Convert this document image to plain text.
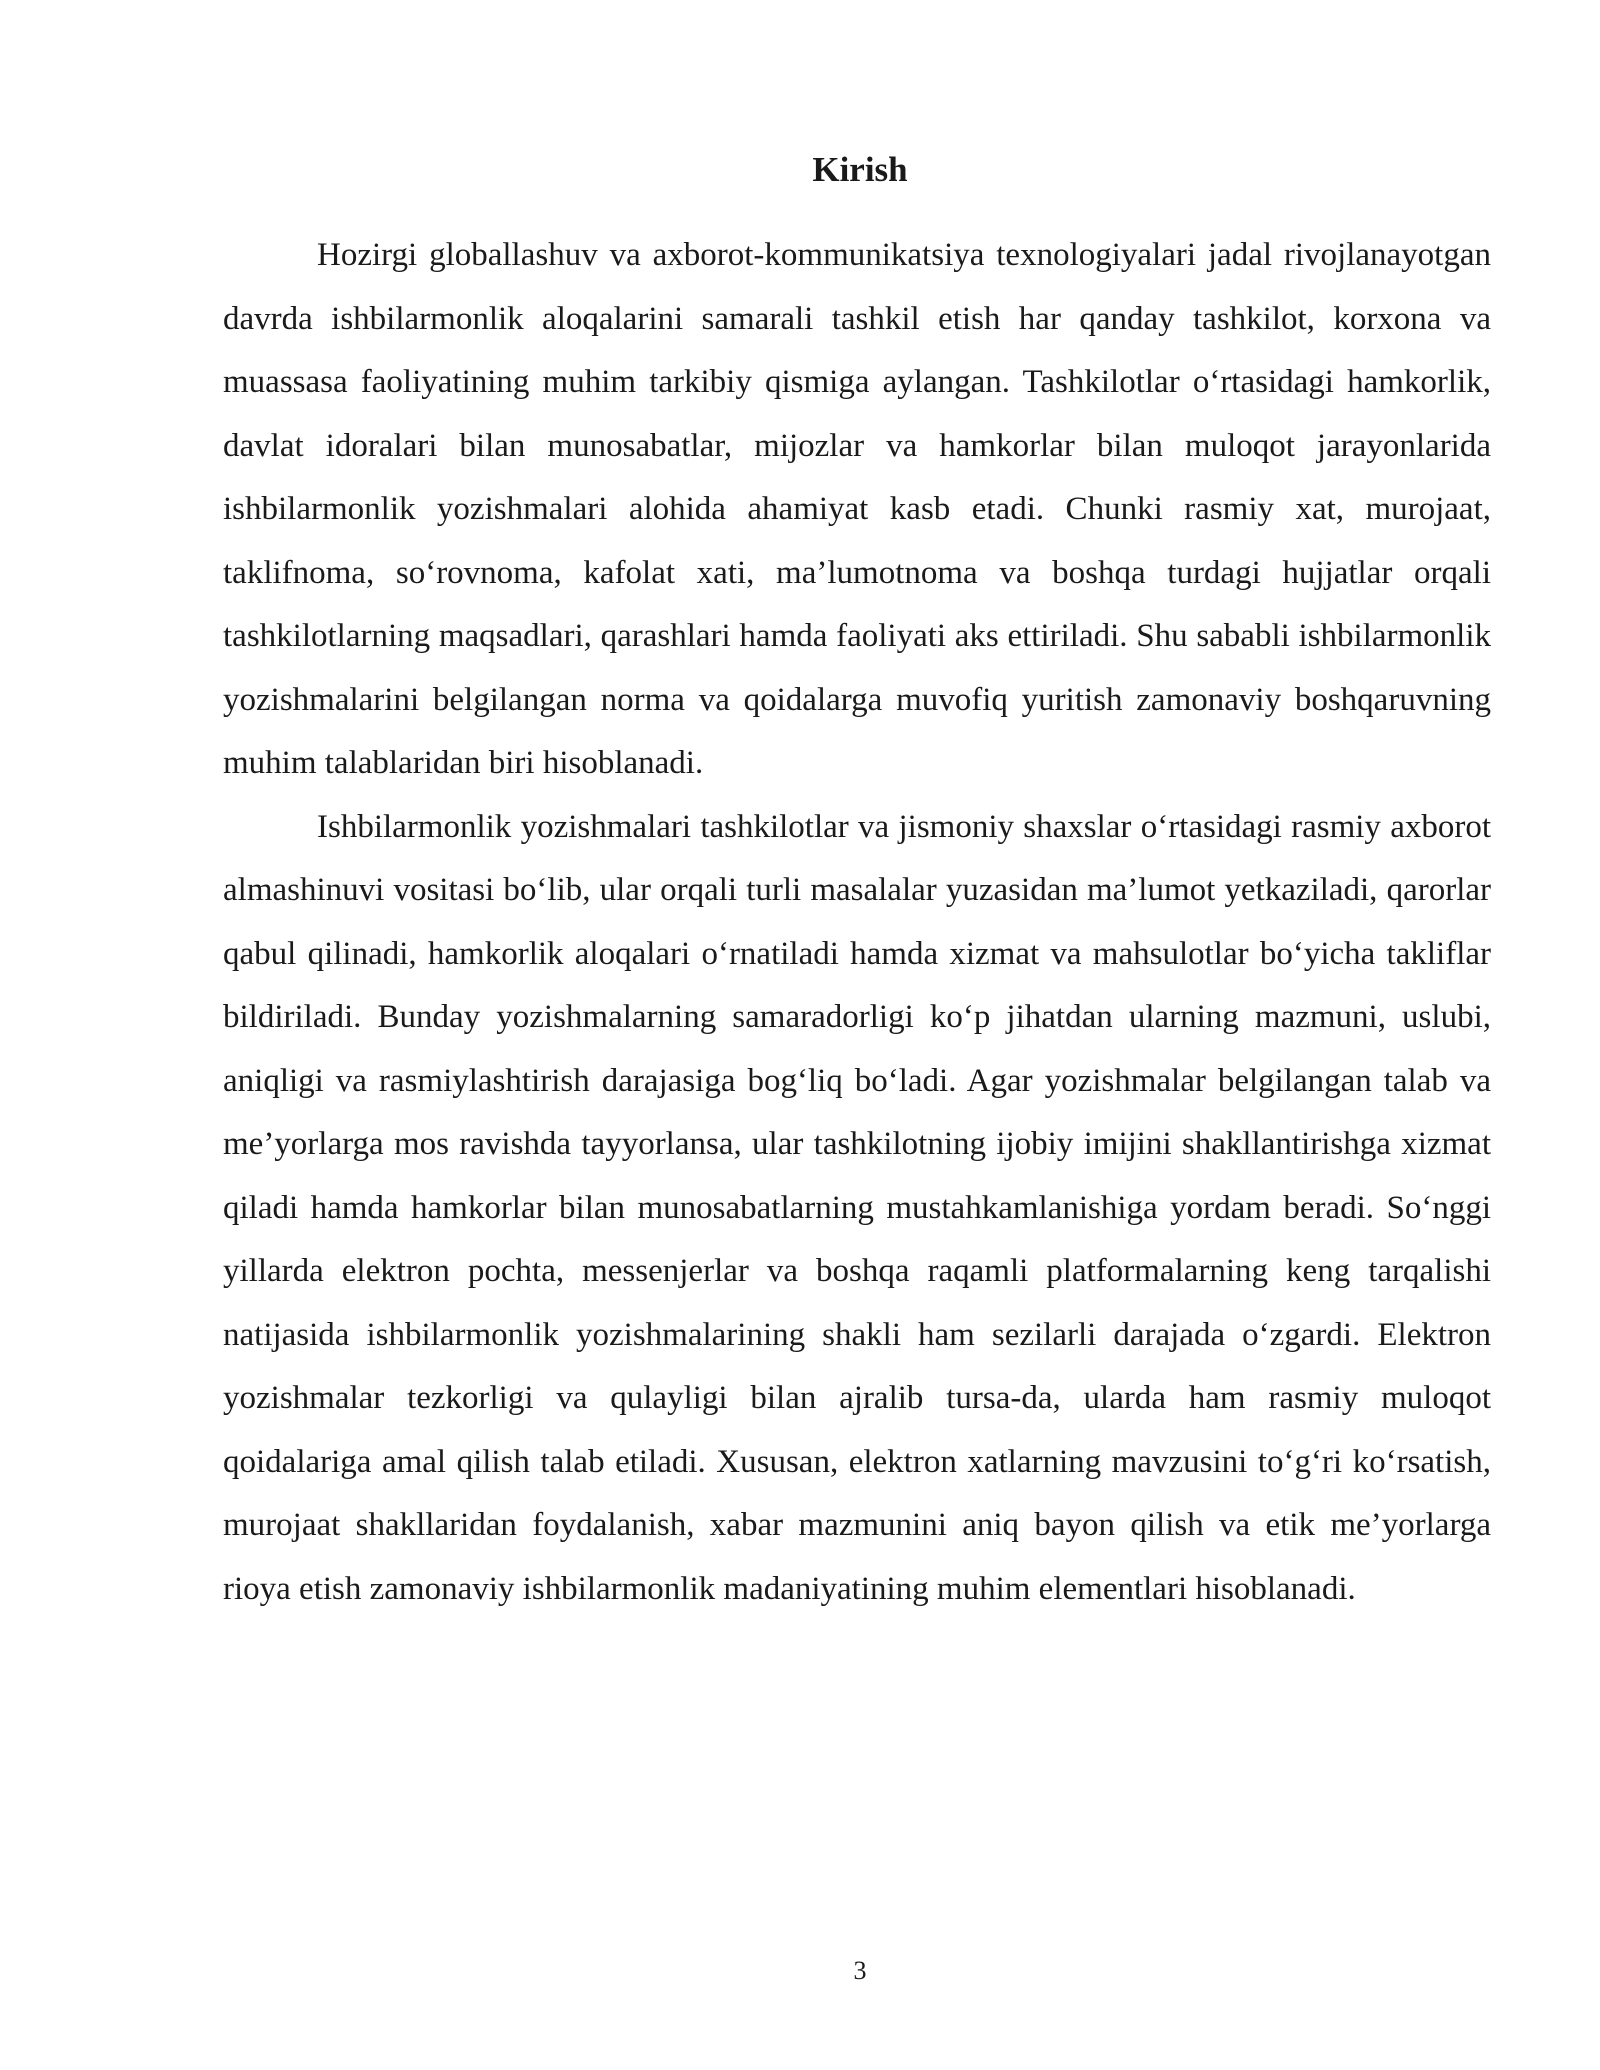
Kirish

Hozirgi globallashuv va axborot-kommunikatsiya texnologiyalari jadal rivojlanayotgan davrda ishbilarmonlik aloqalarini samarali tashkil etish har qanday tashkilot, korxona va muassasa faoliyatining muhim tarkibiy qismiga aylangan. Tashkilotlar o‘rtasidagi hamkorlik, davlat idoralari bilan munosabatlar, mijozlar va hamkorlar bilan muloqot jarayonlarida ishbilarmonlik yozishmalari alohida ahamiyat kasb etadi. Chunki rasmiy xat, murojaat, taklifnoma, so‘rovnoma, kafolat xati, ma’lumotnoma va boshqa turdagi hujjatlar orqali tashkilotlarning maqsadlari, qarashlari hamda faoliyati aks ettiriladi. Shu sababli ishbilarmonlik yozishmalarini belgilangan norma va qoidalarga muvofiq yuritish zamonaviy boshqaruvning muhim talablaridan biri hisoblanadi.

Ishbilarmonlik yozishmalari tashkilotlar va jismoniy shaxslar o‘rtasidagi rasmiy axborot almashinuvi vositasi bo‘lib, ular orqali turli masalalar yuzasidan ma’lumot yetkaziladi, qarorlar qabul qilinadi, hamkorlik aloqalari o‘rnatiladi hamda xizmat va mahsulotlar bo‘yicha takliflar bildiriladi. Bunday yozishmalarning samaradorligi ko‘p jihatdan ularning mazmuni, uslubi, aniqligi va rasmiylashtirish darajasiga bog‘liq bo‘ladi. Agar yozishmalar belgilangan talab va me’yorlarga mos ravishda tayyorlansa, ular tashkilotning ijobiy imijini shakllantirishga xizmat qiladi hamda hamkorlar bilan munosabatlarning mustahkamlanishiga yordam beradi. So‘nggi yillarda elektron pochta, messenjerlar va boshqa raqamli platformalarning keng tarqalishi natijasida ishbilarmonlik yozishmalarining shakli ham sezilarli darajada o‘zgardi. Elektron yozishmalar tezkorligi va qulayligi bilan ajralib tursa-da, ularda ham rasmiy muloqot qoidalariga amal qilish talab etiladi. Xususan, elektron xatlarning mavzusini to‘g‘ri ko‘rsatish, murojaat shakllaridan foydalanish, xabar mazmunini aniq bayon qilish va etik me’yorlarga rioya etish zamonaviy ishbilarmonlik madaniyatining muhim elementlari hisoblanadi.

3
